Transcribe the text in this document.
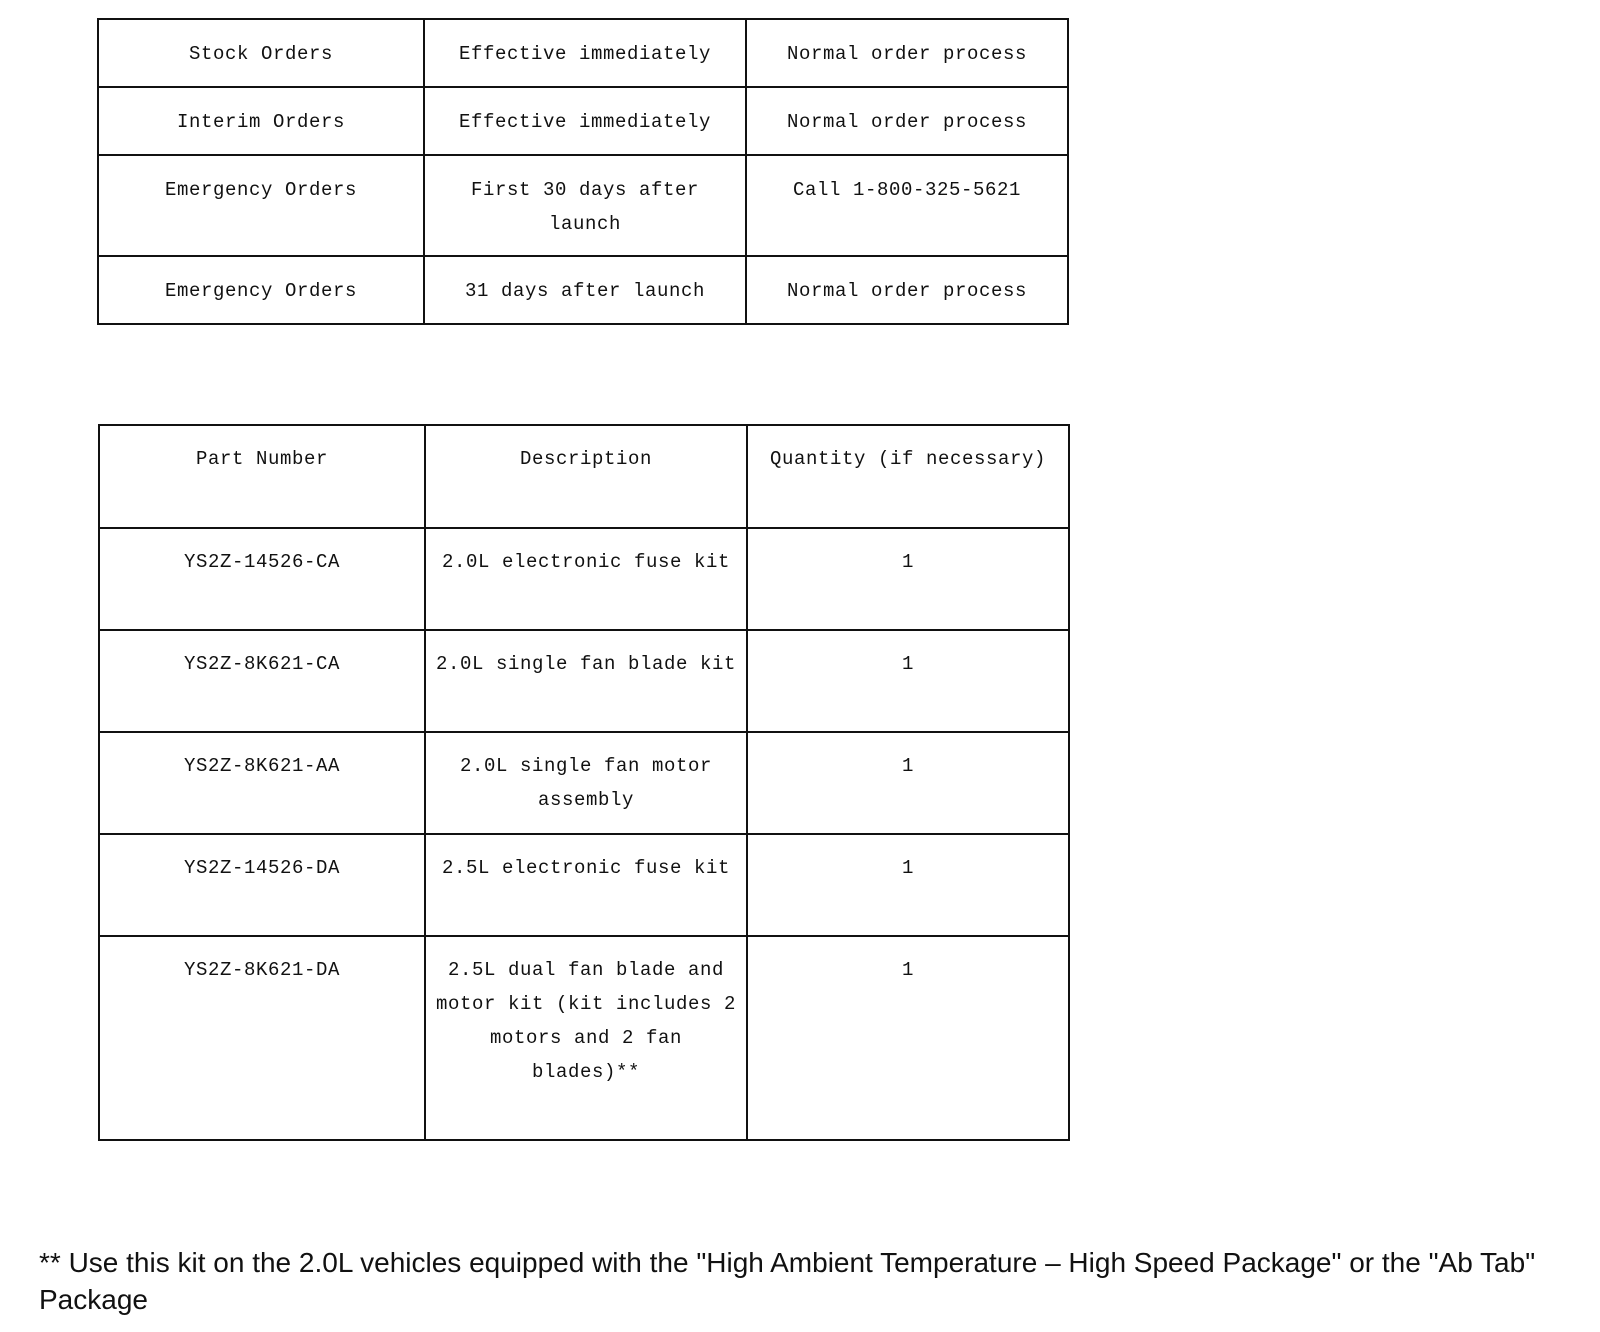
Stock Orders	Effective immediately	Normal order process
Interim Orders	Effective immediately	Normal order process
Emergency Orders	First 30 days after launch	Call 1-800-325-5621
Emergency Orders	31 days after launch	Normal order process
Part Number	Description	Quantity (if necessary)
YS2Z-14526-CA	2.0L electronic fuse kit	1
YS2Z-8K621-CA	2.0L single fan blade kit	1
YS2Z-8K621-AA	2.0L single fan motor assembly	1
YS2Z-14526-DA	2.5L electronic fuse kit	1
YS2Z-8K621-DA	2.5L dual fan blade and motor kit (kit includes 2 motors and 2 fan blades)**	1

** Use this kit on the 2.0L vehicles equipped with the "High Ambient Temperature – High Speed Package" or the "Ab Tab" Package
